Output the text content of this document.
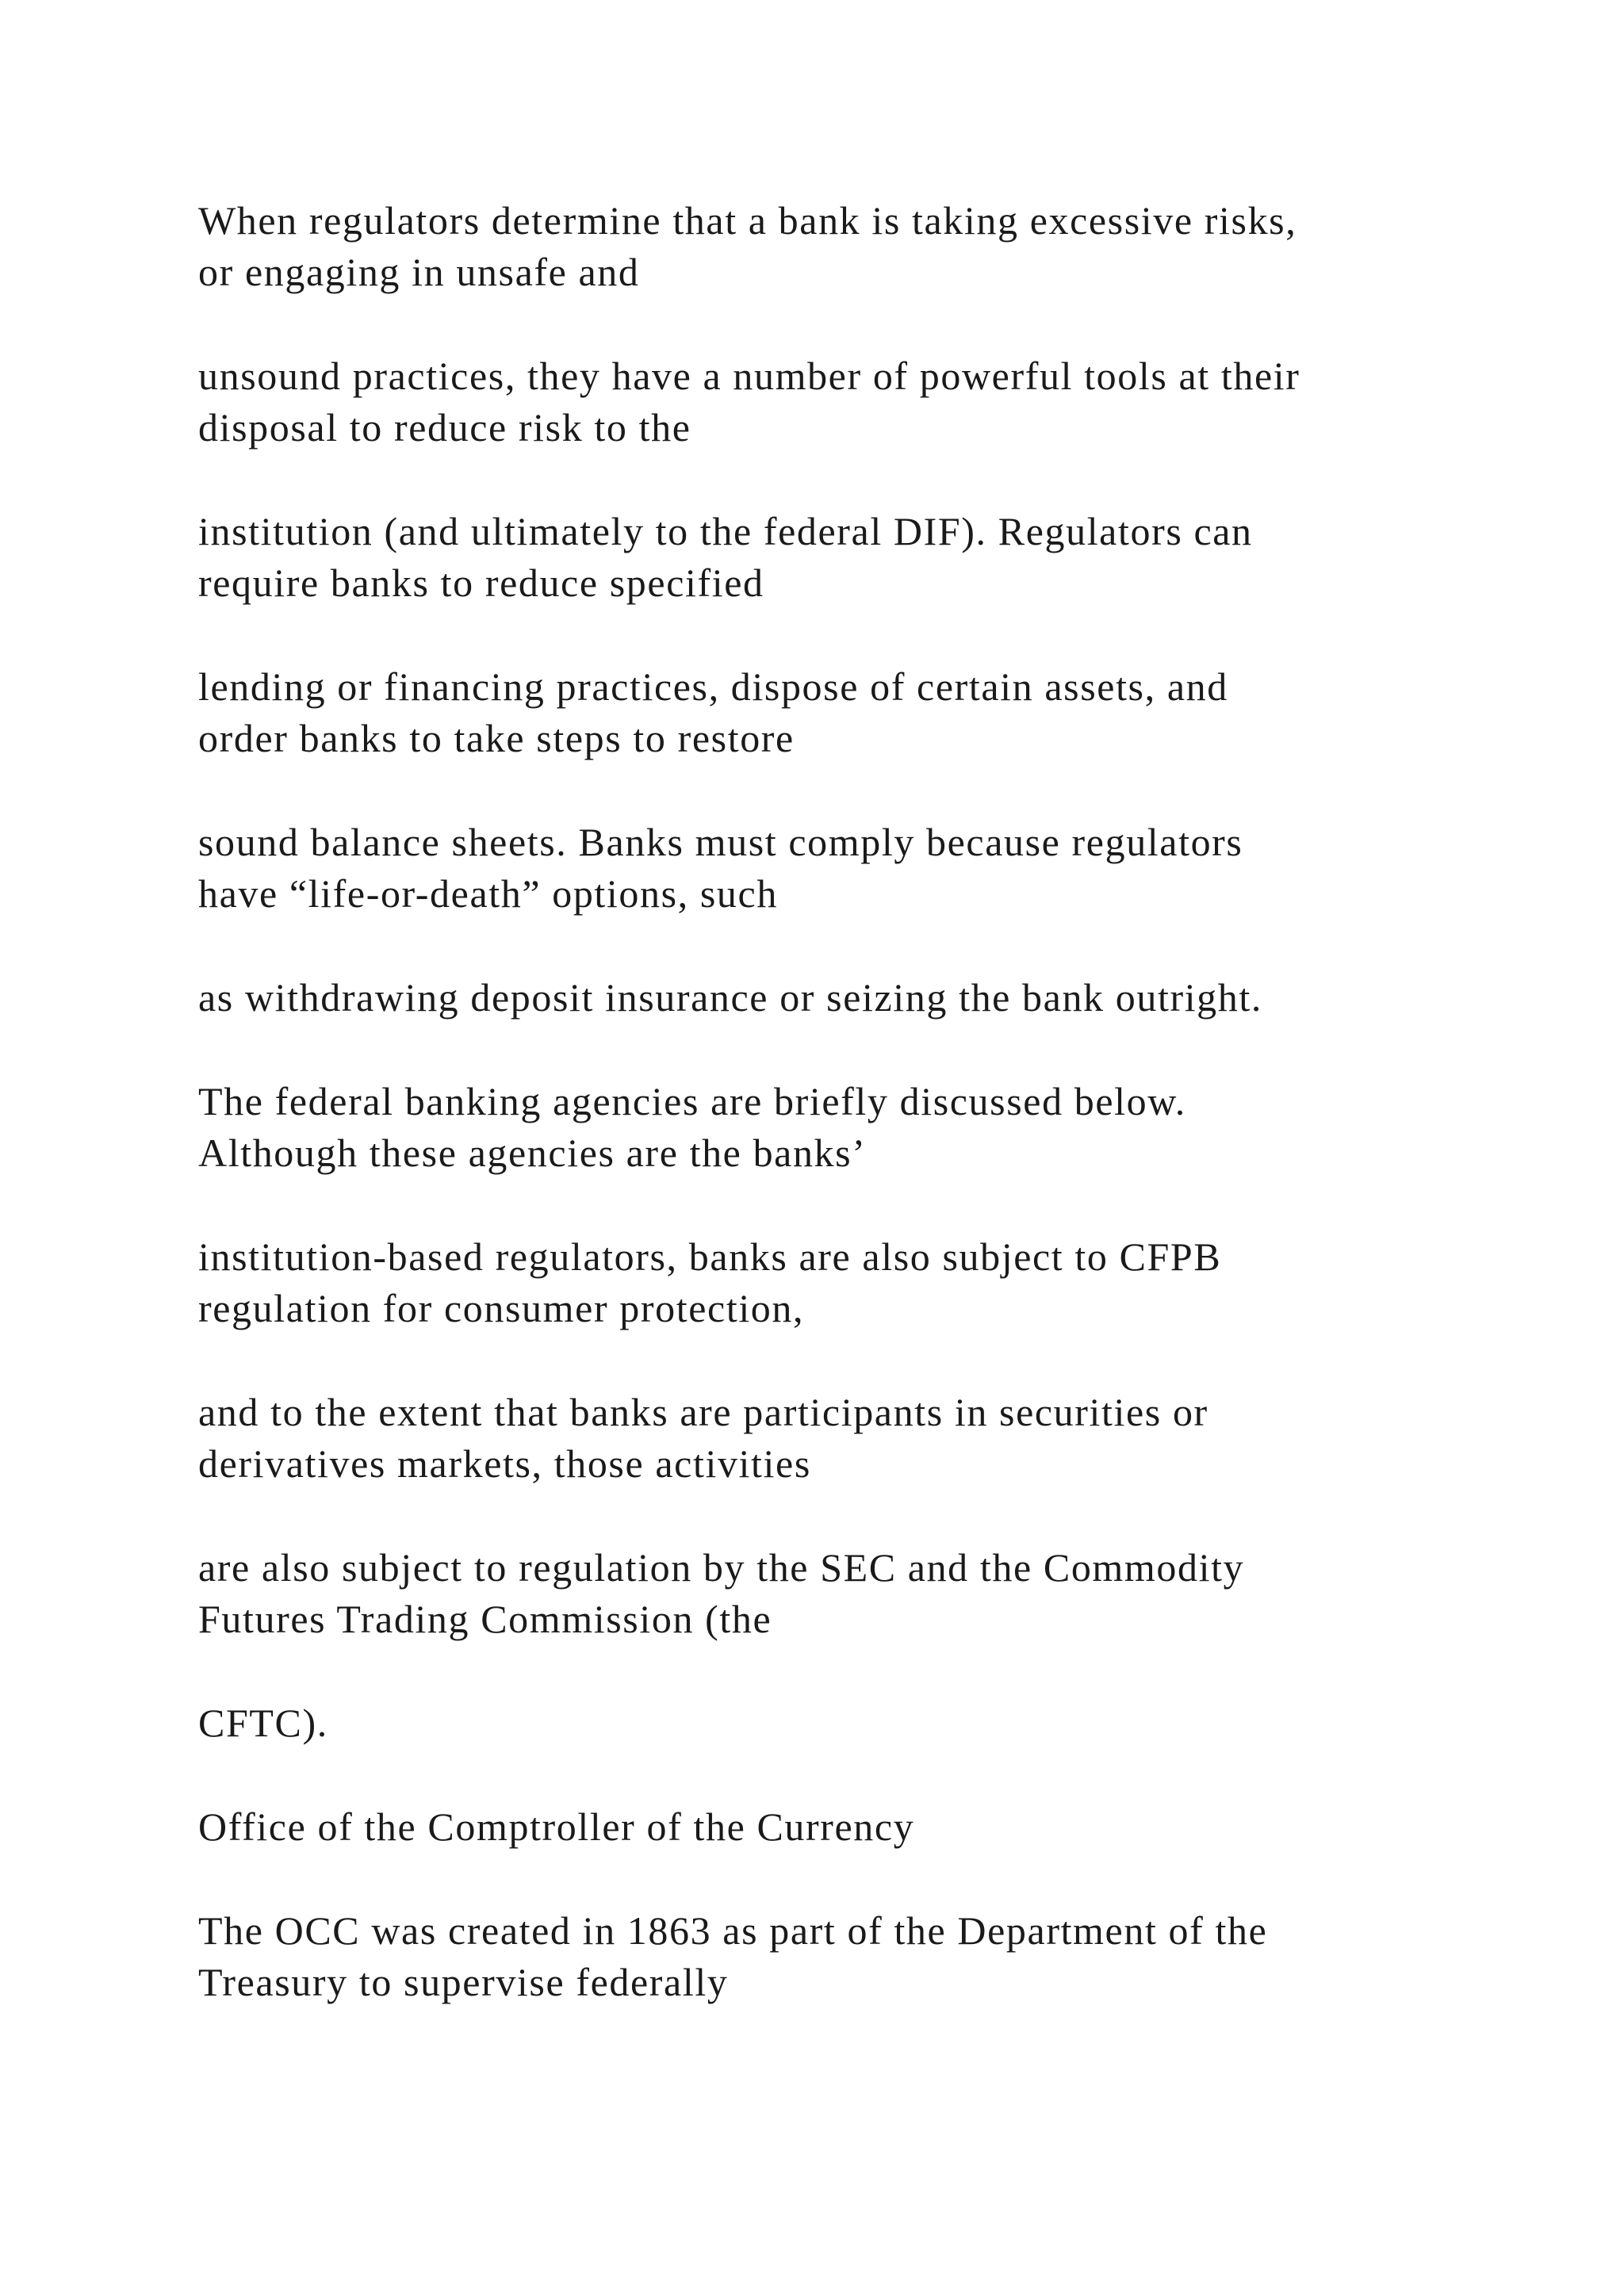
When regulators determine that a bank is taking excessive risks,
or engaging in unsafe and

unsound practices, they have a number of powerful tools at their
disposal to reduce risk to the

institution (and ultimately to the federal DIF). Regulators can
require banks to reduce specified

lending or financing practices, dispose of certain assets, and
order banks to take steps to restore

sound balance sheets. Banks must comply because regulators
have “life-or-death” options, such

as withdrawing deposit insurance or seizing the bank outright.

The federal banking agencies are briefly discussed below.
Although these agencies are the banks’

institution-based regulators, banks are also subject to CFPB
regulation for consumer protection,

and to the extent that banks are participants in securities or
derivatives markets, those activities

are also subject to regulation by the SEC and the Commodity
Futures Trading Commission (the

CFTC).

Office of the Comptroller of the Currency

The OCC was created in 1863 as part of the Department of the
Treasury to supervise federally
